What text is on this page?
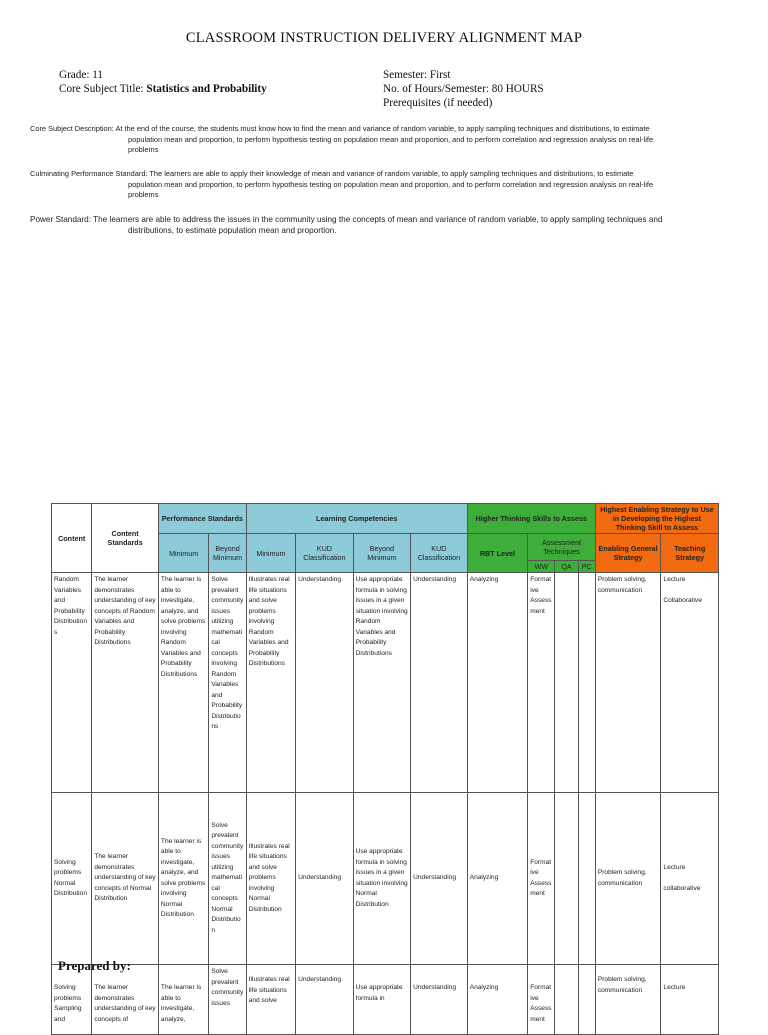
CLASSROOM INSTRUCTION DELIVERY ALIGNMENT MAP
Grade: 11
Core Subject Title: Statistics and Probability
Semester: First
No. of Hours/Semester: 80 HOURS
Prerequisites (if needed)
Core Subject Description: At the end of the course, the students must know how to find the mean and variance of random variable, to apply sampling techniques and distributions, to estimate
population mean and proportion, to perform hypothesis testing on population mean and proportion, and to perform correlation and regression analysis on real-life
problems
Culminating Performance Standard: The learners are able to apply their knowledge of mean and variance of random variable, to apply sampling techniques and distributions, to estimate
population mean and proportion, to perform hypothesis testing on population mean and proportion, and to perform correlation and regression analysis on real-life
problems
Power Standard: The learners are able to address the issues in the community using the concepts of mean and variance of random variable, to apply sampling techniques and
distributions, to estimate population mean and proportion.
Content	Content Standards	Performance Standards		Learning Competencies				Higher Thinking Skills to Assess				Highest Enabling Strategy to Use in Developing the Highest Thinking Skill to Assess	
		Minimum	Beyond Minimum	Minimum	KUD Classification	Beyond Minimum	KUD Classification	RBT Level	Assessment Techniques			Enabling General Strategy	Teaching Strategy
									WW	QA	PC		
Random Variables and Probability Distributions	The learner demonstrates understanding of key concepts of Random Variables and Probability Distributions	The learner is able to investigate, analyze, and solve problems involving Random Variables and Probability Distributions	Solve prevalent community issues utilizing mathematical concepts involving Random Variables and Probability Distributions	Illustrates real life situations and solve problems involving Random Variables and Probability Distributions	Understanding	Use appropriate formula in solving issues in a given situation involving Random Variables and Probability Distributions	Understanding	Analyzing	Formative Assessment			Problem solving, communication	Lecture
Collaborative
Solving problems Normal Distribution	The learner demonstrates understanding of key concepts of Normal Distribution	The learner is able to investigate, analyze, and solve problems involving Normal Distribution	Solve prevalent community issues utilizing mathematical concepts Normal Distribution	Illustrates real life situations and solve problems involving Normal Distribution	Understanding	Use appropriate formula in solving issues in a given situation involving Normal Distribution	Understanding	Analyzing	Formative Assessment			Problem solving, communication	Lecture
collaborative
Solving problems Sampling and	The learner demonstrates understanding of key concepts of	The learner is able to investigate, analyze,	Solve prevalent community issues	Illustrates real life situations and solve	Understanding	Use appropriate formula in	Understanding	Analyzing	Formative Assessment			Problem solving, communication	Lecture
Prepared by:
